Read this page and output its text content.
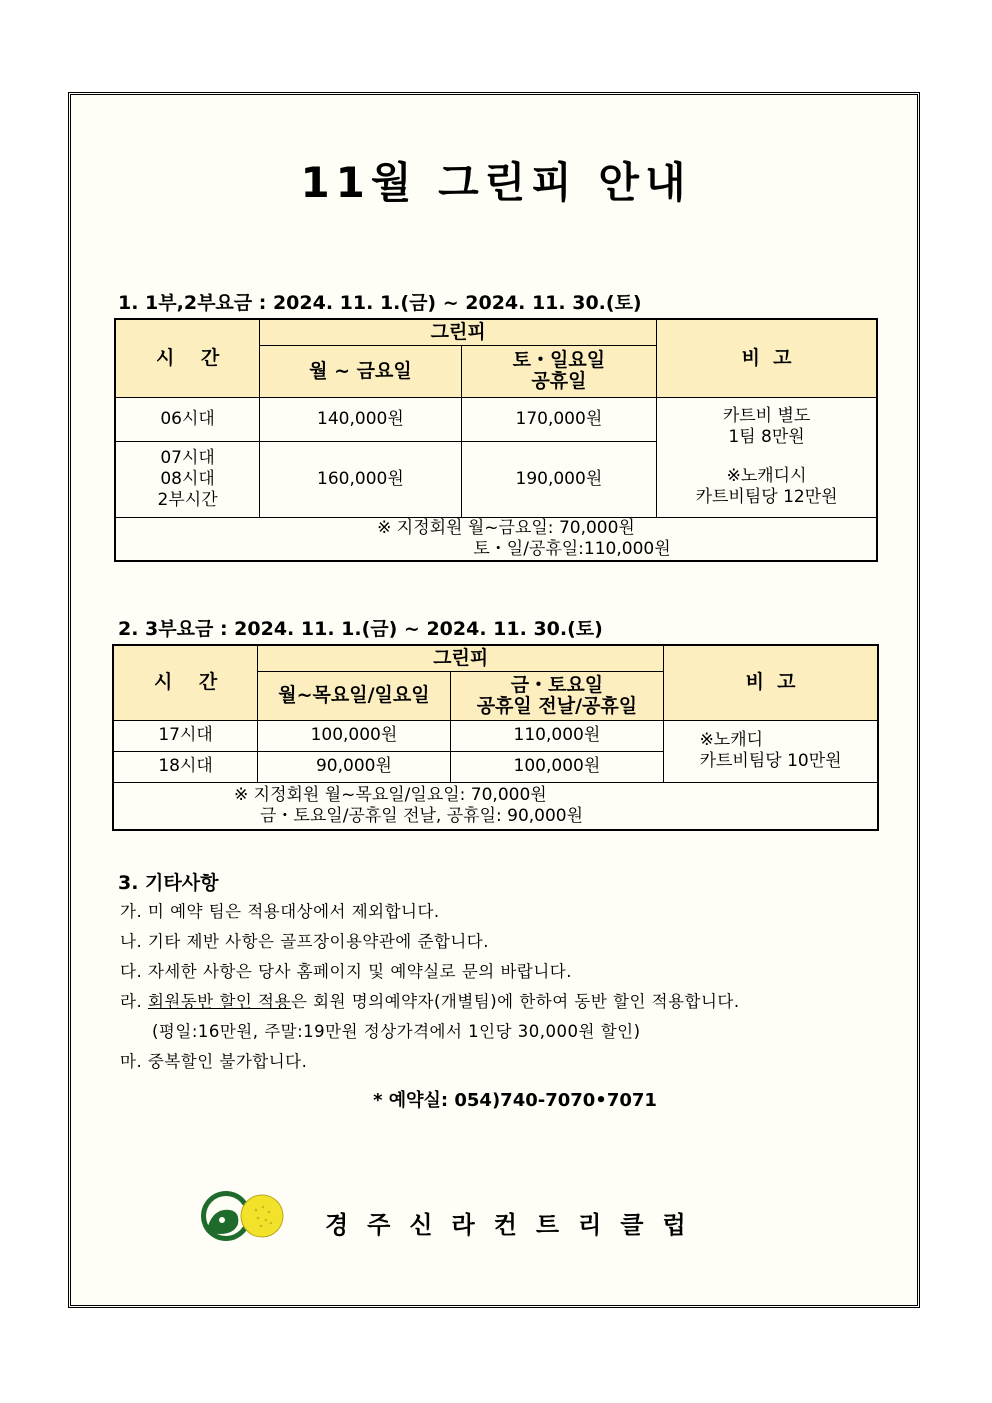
11월 그린피 안내
1. 1부,2부요금 : 2024. 11. 1.(금) ~ 2024. 11. 30.(토)
시    간	그린피		비  고
	월 ~ 금요일	토・일요일
공휴일	

06시대	140,000원	170,000원	카트비 별도
1팀 8만원
※노캐디시
카트비팀당 12만원

07시대
08시대
2부시간	160,000원	190,000원	

※ 지정회원 월~금요일: 70,000원
토・일/공휴일:110,000원			
2. 3부요금 : 2024. 11. 1.(금) ~ 2024. 11. 30.(토)
시    간	그린피		비  고
	월~목요일/일요일	금・토요일
공휴일 전날/공휴일	

17시대	100,000원	110,000원	※노캐디
카트비팀당 10만원

18시대	90,000원	100,000원	

※ 지정회원 월~목요일/일요일: 70,000원
금・토요일/공휴일 전날, 공휴일: 90,000원			
3. 기타사항
가. 미 예약 팀은 적용대상에서 제외합니다.
나. 기타 제반 사항은 골프장이용약관에 준합니다.
다. 자세한 사항은 당사 홈페이지 및 예약실로 문의 바랍니다.
라. 회원동반 할인 적용은 회원 명의예약자(개별팀)에 한하여 동반 할인 적용합니다.
(평일:16만원, 주말:19만원 정상가격에서 1인당 30,000원 할인)
마. 중복할인 불가합니다.
* 예약실: 054)740-7070•7071
경주신라컨트리클럽
